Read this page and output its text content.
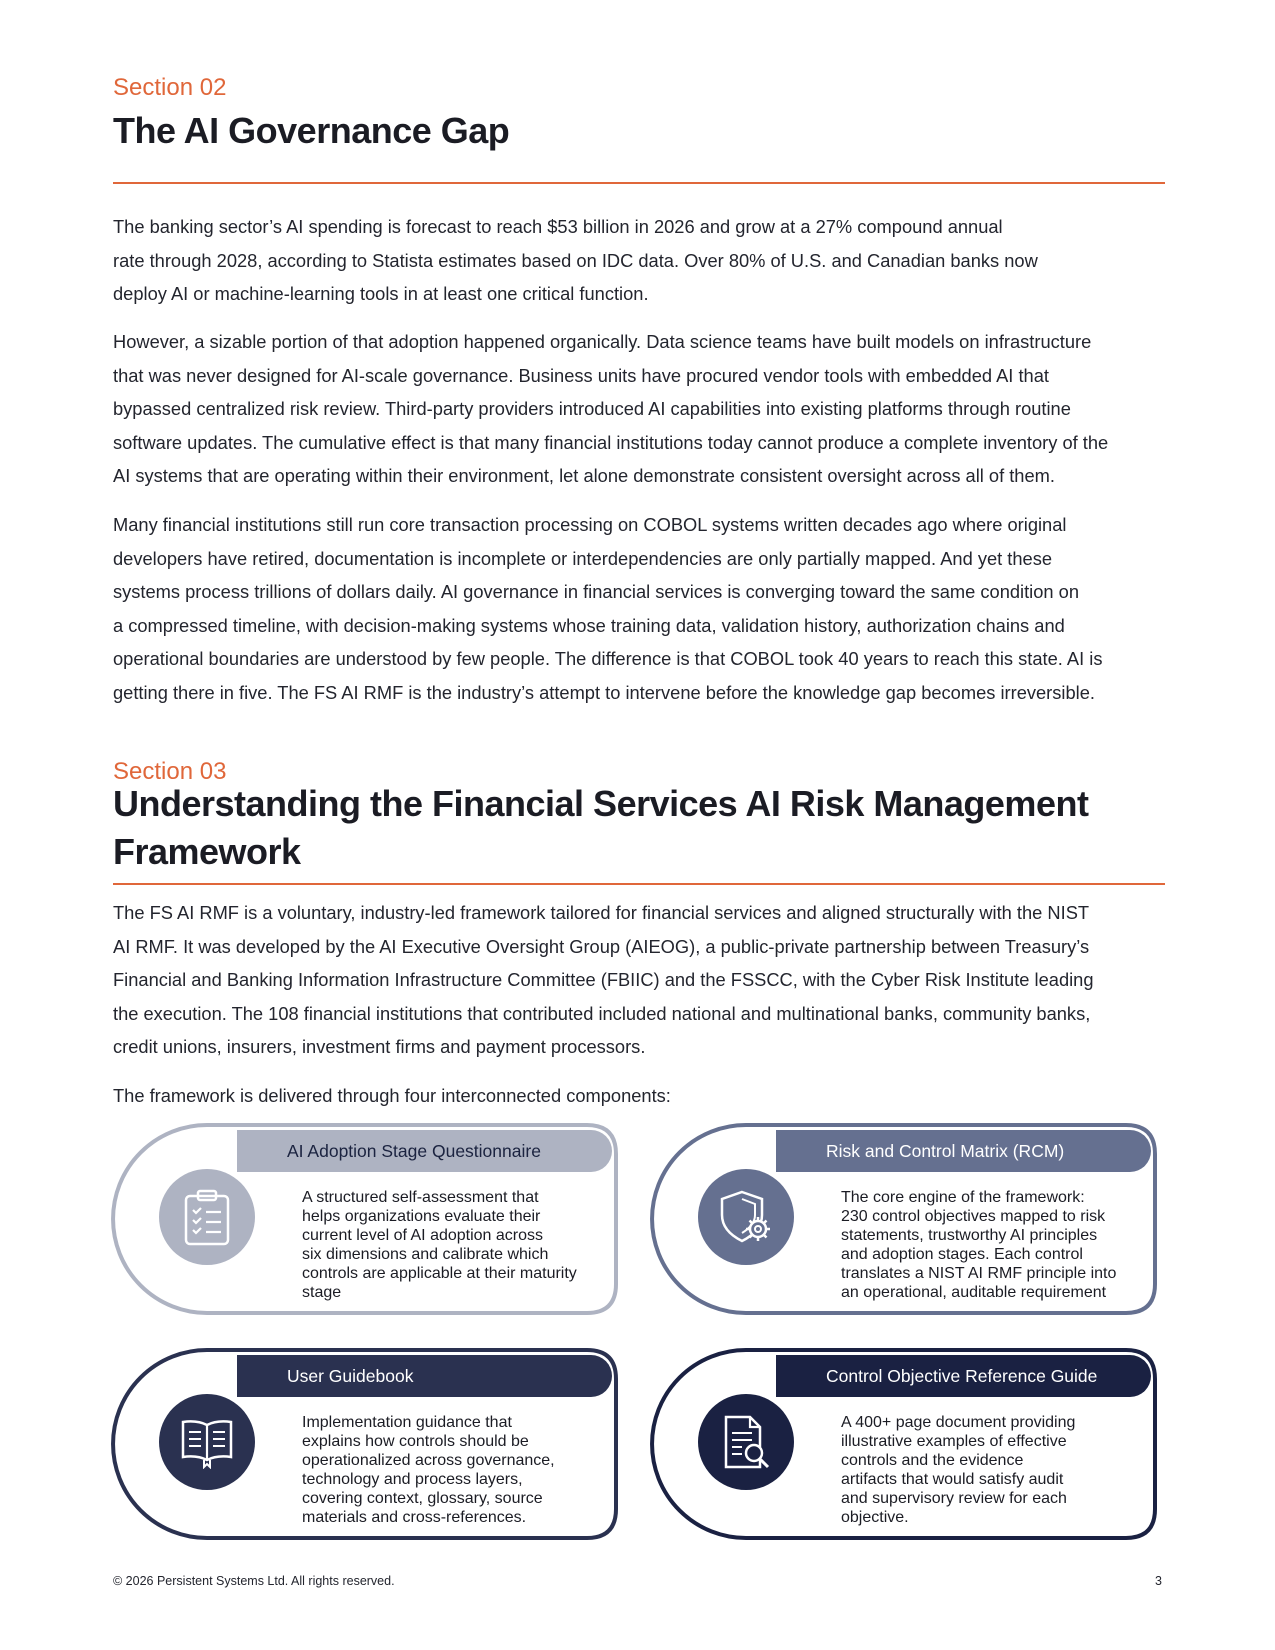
Section 02
The AI Governance Gap
The banking sector’s AI spending is forecast to reach $53 billion in 2026 and grow at a 27% compound annual
rate through 2028, according to Statista estimates based on IDC data. Over 80% of U.S. and Canadian banks now
deploy AI or machine-learning tools in at least one critical function.
However, a sizable portion of that adoption happened organically. Data science teams have built models on infrastructure
that was never designed for AI-scale governance. Business units have procured vendor tools with embedded AI that
bypassed centralized risk review. Third-party providers introduced AI capabilities into existing platforms through routine
software updates. The cumulative effect is that many financial institutions today cannot produce a complete inventory of the
AI systems that are operating within their environment, let alone demonstrate consistent oversight across all of them.
Many financial institutions still run core transaction processing on COBOL systems written decades ago where original
developers have retired, documentation is incomplete or interdependencies are only partially mapped. And yet these
systems process trillions of dollars daily. AI governance in financial services is converging toward the same condition on
a compressed timeline, with decision-making systems whose training data, validation history, authorization chains and
operational boundaries are understood by few people. The difference is that COBOL took 40 years to reach this state. AI is
getting there in five. The FS AI RMF is the industry’s attempt to intervene before the knowledge gap becomes irreversible.
Section 03
Understanding the Financial Services AI Risk Management
Framework
The FS AI RMF is a voluntary, industry-led framework tailored for financial services and aligned structurally with the NIST
AI RMF. It was developed by the AI Executive Oversight Group (AIEOG), a public-private partnership between Treasury’s
Financial and Banking Information Infrastructure Committee (FBIIC) and the FSSCC, with the Cyber Risk Institute leading
the execution. The 108 financial institutions that contributed included national and multinational banks, community banks,
credit unions, insurers, investment firms and payment processors.
The framework is delivered through four interconnected components:
AI Adoption Stage Questionnaire
A structured self-assessment that
helps organizations evaluate their
current level of AI adoption across
six dimensions and calibrate which
controls are applicable at their maturity
stage
Risk and Control Matrix (RCM)
The core engine of the framework:
230 control objectives mapped to risk
statements, trustworthy AI principles
and adoption stages. Each control
translates a NIST AI RMF principle into
an operational, auditable requirement
User Guidebook
Implementation guidance that
explains how controls should be
operationalized across governance,
technology and process layers,
covering context, glossary, source
materials and cross-references.
Control Objective Reference Guide
A 400+ page document providing
illustrative examples of effective
controls and the evidence
artifacts that would satisfy audit
and supervisory review for each
objective.
© 2026 Persistent Systems Ltd. All rights reserved.	3
